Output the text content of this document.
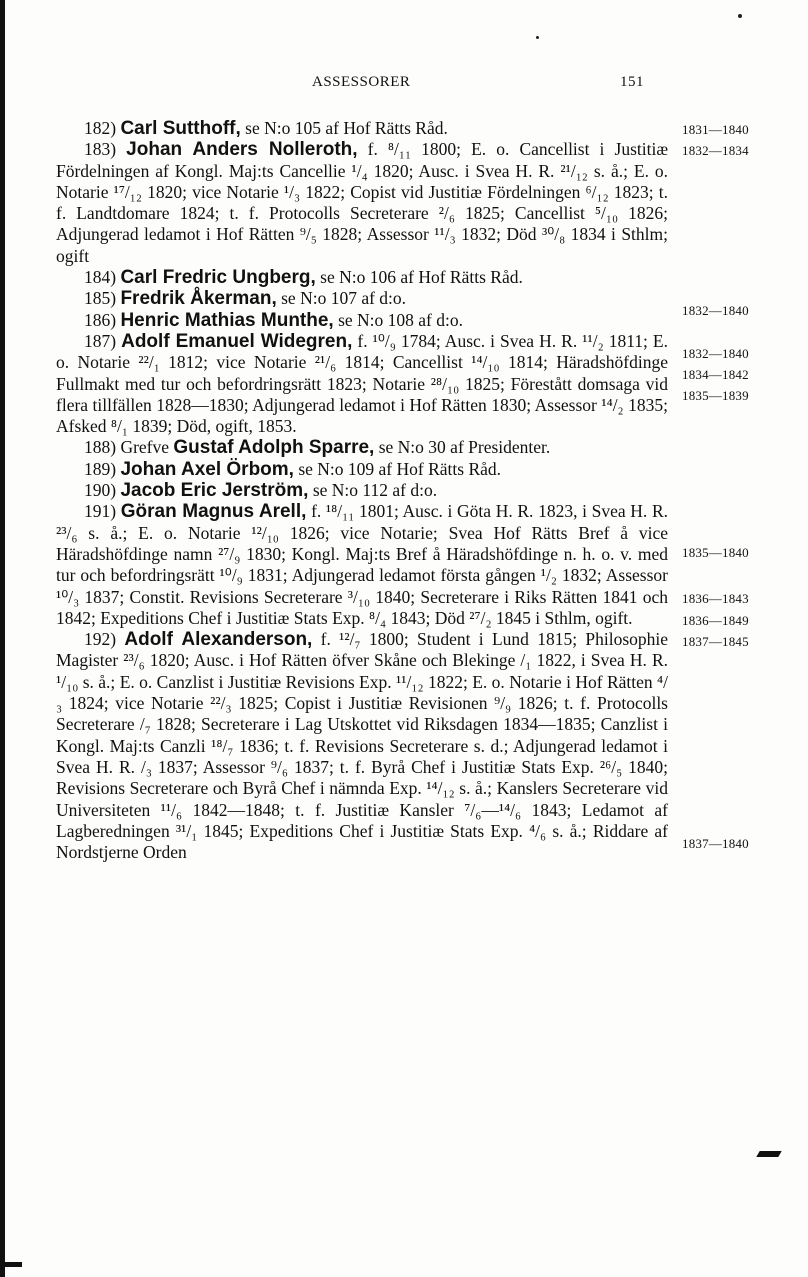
ASSESSORER	151
1831—1840
1832—1834
1832—1840
1832—1840
1834—1842
1835—1839
1835—1840
1836—1843
1836—1849
1837—1845
1837—1840

182) Carl Sutthoff, se N:o 105 af Hof Rätts Råd.

183) Johan Anders Nolleroth, f. ⁸/₁₁ 1800; E. o. Cancellist i Justitiæ Fördelningen af Kongl. Maj:ts Cancellie ¹/₄ 1820; Ausc. i Svea H. R. ²¹/₁₂ s. å.; E. o. Notarie ¹⁷/₁₂ 1820; vice Notarie ¹/₃ 1822; Copist vid Justitiæ Fördelningen ⁶/₁₂ 1823; t. f. Landtdomare 1824; t. f. Protocolls Secreterare ²/₆ 1825; Cancellist ⁵/₁₀ 1826; Adjungerad ledamot i Hof Rätten ⁹/₅ 1828; Assessor ¹¹/₃ 1832; Död ³⁰/₈ 1834 i Sthlm; ogift

184) Carl Fredric Ungberg, se N:o 106 af Hof Rätts Råd.

185) Fredrik Åkerman, se N:o 107 af d:o.

186) Henric Mathias Munthe, se N:o 108 af d:o.

187) Adolf Emanuel Widegren, f. ¹⁰/₉ 1784; Ausc. i Svea H. R. ¹¹/₂ 1811; E. o. Notarie ²²/₁ 1812; vice Notarie ²¹/₆ 1814; Cancellist ¹⁴/₁₀ 1814; Häradshöfdinge Fullmakt med tur och befordringsrätt 1823; Notarie ²⁸/₁₀ 1825; Förestått domsaga vid flera tillfällen 1828—1830; Adjungerad ledamot i Hof Rätten 1830; Assessor ¹⁴/₂ 1835; Afsked ⁸/₁ 1839; Död, ogift, 1853.

188) Grefve Gustaf Adolph Sparre, se N:o 30 af Presidenter.

189) Johan Axel Örbom, se N:o 109 af Hof Rätts Råd.

190) Jacob Eric Jerström, se N:o 112 af d:o.

191) Göran Magnus Arell, f. ¹⁸/₁₁ 1801; Ausc. i Göta H. R. 1823, i Svea H. R. ²³/₆ s. å.; E. o. Notarie ¹²/₁₀ 1826; vice Notarie; Svea Hof Rätts Bref å vice Häradshöfdinge namn ²⁷/₉ 1830; Kongl. Maj:ts Bref å Häradshöfdinge n. h. o. v. med tur och befordringsrätt ¹⁰/₉ 1831; Adjungerad ledamot första gången ¹/₂ 1832; Assessor ¹⁰/₃ 1837; Constit. Revisions Secreterare ³/₁₀ 1840; Secreterare i Riks Rätten 1841 och 1842; Expeditions Chef i Justitiæ Stats Exp. ⁸/₄ 1843; Död ²⁷/₂ 1845 i Sthlm, ogift.

192) Adolf Alexanderson, f. ¹²/₇ 1800; Student i Lund 1815; Philosophie Magister ²³/₆ 1820; Ausc. i Hof Rätten öfver Skåne och Blekinge /₁ 1822, i Svea H. R. ¹/₁₀ s. å.; E. o. Canzlist i Justitiæ Revisions Exp. ¹¹/₁₂ 1822; E. o. Notarie i Hof Rätten ⁴/₃ 1824; vice Notarie ²²/₃ 1825; Copist i Justitiæ Revisionen ⁹/₉ 1826; t. f. Protocolls Secreterare /₇ 1828; Secreterare i Lag Utskottet vid Riksdagen 1834—1835; Canzlist i Kongl. Maj:ts Canzli ¹⁸/₇ 1836; t. f. Revisions Secreterare s. d.; Adjungerad ledamot i Svea H. R. /₃ 1837; Assessor ⁹/₆ 1837; t. f. Byrå Chef i Justitiæ Stats Exp. ²⁶/₅ 1840; Revisions Secreterare och Byrå Chef i nämnda Exp. ¹⁴/₁₂ s. å.; Kanslers Secreterare vid Universiteten ¹¹/₆ 1842—1848; t. f. Justitiæ Kansler ⁷/₆—¹⁴/₆ 1843; Ledamot af Lagberedningen ³¹/₁ 1845; Expeditions Chef i Justitiæ Stats Exp. ⁴/₆ s. å.; Riddare af Nordstjerne Orden
